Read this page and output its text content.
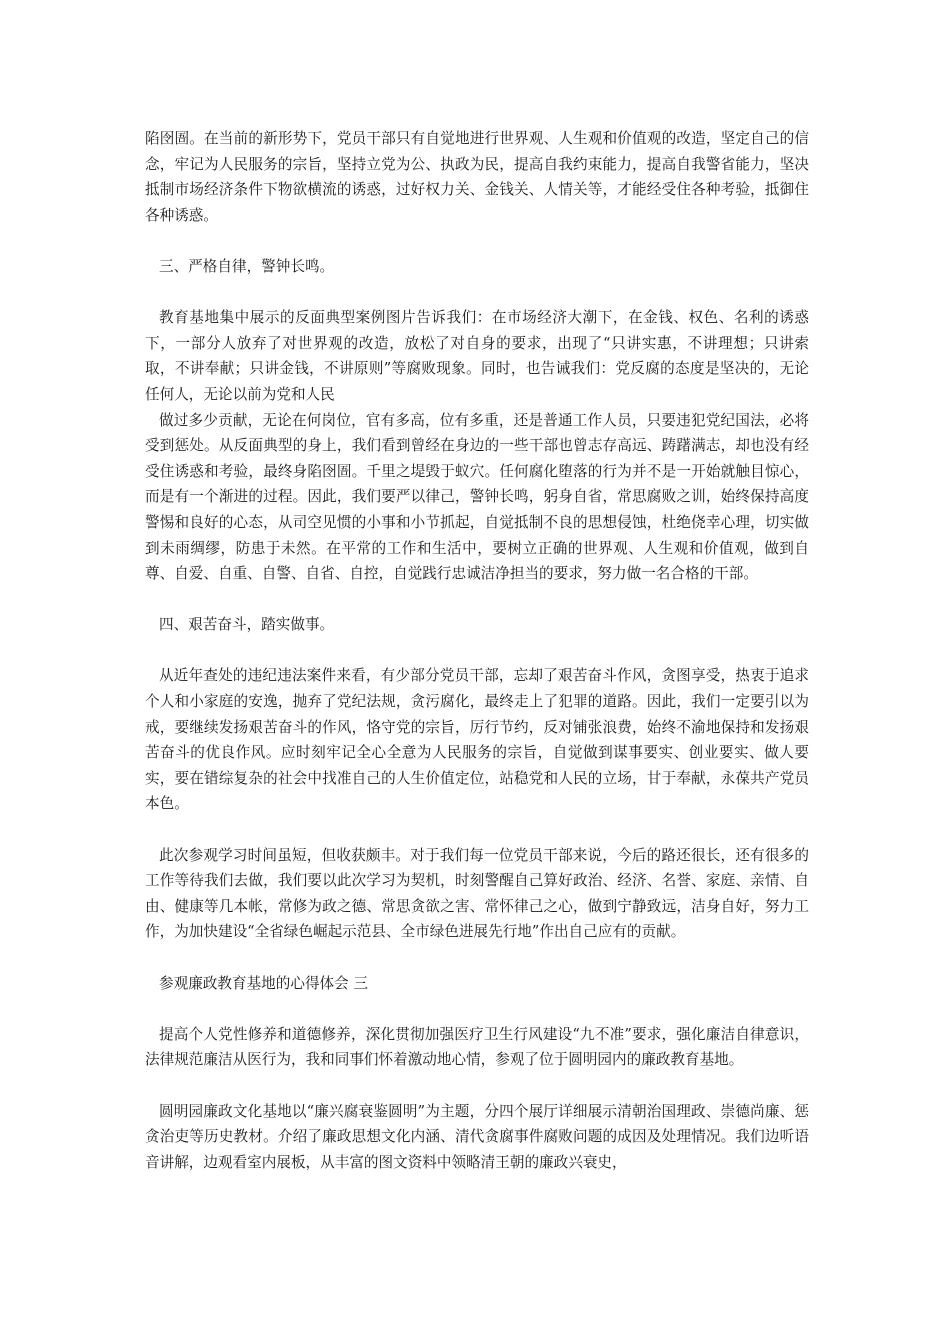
陷囹圄。在当前的新形势下，党员干部只有自觉地进行世界观、人生观和价值观的改造，坚定自己的信念，牢记为人民服务的宗旨，坚持立党为公、执政为民，提高自我约束能力，提高自我警省能力，坚决抵制市场经济条件下物欲横流的诱惑，过好权力关、金钱关、人情关等，才能经受住各种考验，抵御住各种诱惑。

三、严格自律，警钟长鸣。

教育基地集中展示的反面典型案例图片告诉我们：在市场经济大潮下，在金钱、权色、名利的诱惑下，一部分人放弃了对世界观的改造，放松了对自身的要求，出现了“只讲实惠，不讲理想；只讲索取，不讲奉献；只讲金钱，不讲原则”等腐败现象。同时，也告诫我们：党反腐的态度是坚决的，无论任何人，无论以前为党和人民

做过多少贡献，无论在何岗位，官有多高，位有多重，还是普通工作人员，只要违犯党纪国法，必将受到惩处。从反面典型的身上，我们看到曾经在身边的一些干部也曾志存高远、踌躇满志，却也没有经受住诱惑和考验，最终身陷囹圄。千里之堤毁于蚁穴。任何腐化堕落的行为并不是一开始就触目惊心，而是有一个渐进的过程。因此，我们要严以律己，警钟长鸣，躬身自省，常思腐败之训，始终保持高度警惕和良好的心态，从司空见惯的小事和小节抓起，自觉抵制不良的思想侵蚀，杜绝侥幸心理，切实做到未雨绸缪，防患于未然。在平常的工作和生活中，要树立正确的世界观、人生观和价值观，做到自尊、自爱、自重、自警、自省、自控，自觉践行忠诚洁净担当的要求，努力做一名合格的干部。

四、艰苦奋斗，踏实做事。

从近年查处的违纪违法案件来看，有少部分党员干部，忘却了艰苦奋斗作风，贪图享受，热衷于追求个人和小家庭的安逸，抛弃了党纪法规，贪污腐化，最终走上了犯罪的道路。因此，我们一定要引以为戒，要继续发扬艰苦奋斗的作风，恪守党的宗旨，厉行节约，反对铺张浪费，始终不渝地保持和发扬艰苦奋斗的优良作风。应时刻牢记全心全意为人民服务的宗旨，自觉做到谋事要实、创业要实、做人要实，要在错综复杂的社会中找准自己的人生价值定位，站稳党和人民的立场，甘于奉献，永葆共产党员本色。

此次参观学习时间虽短，但收获颇丰。对于我们每一位党员干部来说，今后的路还很长，还有很多的工作等待我们去做，我们要以此次学习为契机，时刻警醒自己算好政治、经济、名誉、家庭、亲情、自由、健康等几本帐，常修为政之德、常思贪欲之害、常怀律己之心，做到宁静致远，洁身自好，努力工作，为加快建设“全省绿色崛起示范县、全市绿色进展先行地”作出自己应有的贡献。

参观廉政教育基地的心得体会 三

提高个人党性修养和道德修养，深化贯彻加强医疗卫生行风建设“九不准”要求，强化廉洁自律意识，法律规范廉洁从医行为，我和同事们怀着激动地心情，参观了位于圆明园内的廉政教育基地。

圆明园廉政文化基地以“廉兴腐衰鉴圆明”为主题，分四个展厅详细展示清朝治国理政、崇德尚廉、惩贪治吏等历史教材。介绍了廉政思想文化内涵、清代贪腐事件腐败问题的成因及处理情况。我们边听语音讲解，边观看室内展板，从丰富的图文资料中领略清王朝的廉政兴衰史，
